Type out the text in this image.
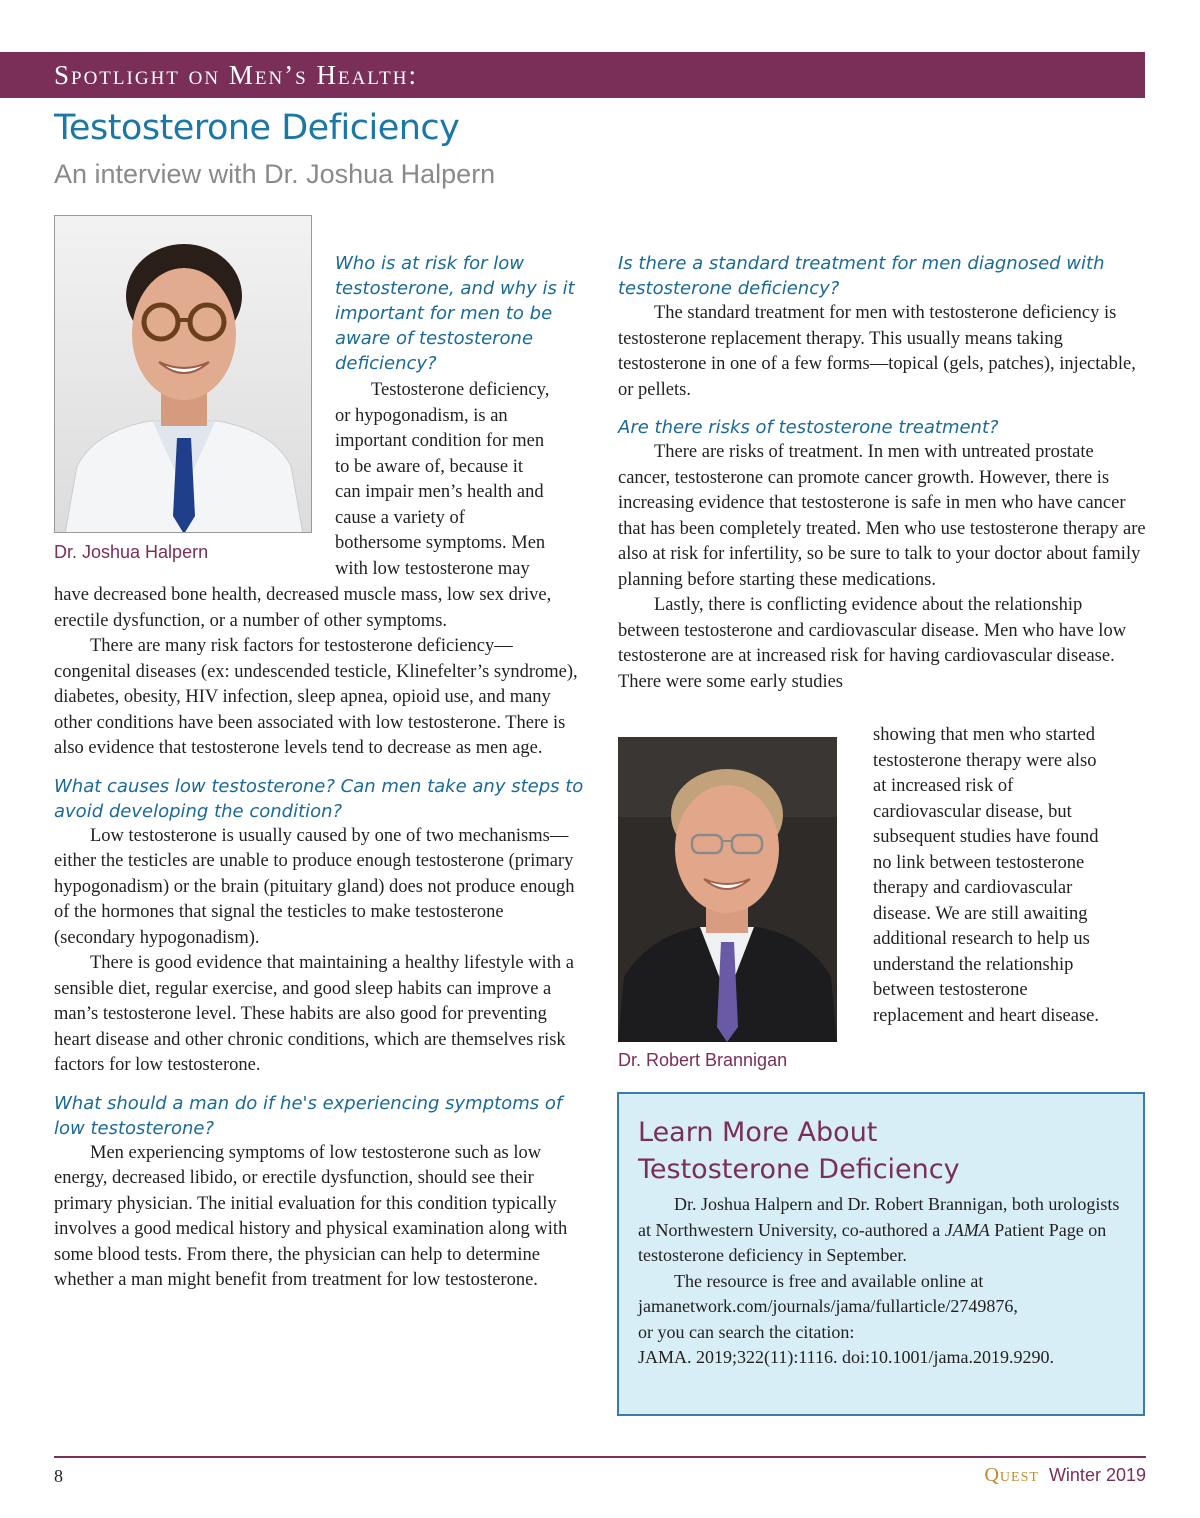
Spotlight on Men’s Health:
Testosterone Deficiency
An interview with Dr. Joshua Halpern
Dr. Joshua Halpern

Who is at risk for low testosterone, and why is it important for men to be aware of testosterone deficiency?

Testosterone deficiency,

or hypogonadism, is an

important condition for men

to be aware of, because it

can impair men’s health and

cause a variety of

bothersome symptoms. Men

with low testosterone may

have decreased bone health, decreased muscle mass, low sex drive, erectile dysfunction, or a number of other symptoms.

There are many risk factors for testosterone deficiency—congenital diseases (ex: undescended testicle, Klinefelter’s syndrome), diabetes, obesity, HIV infection, sleep apnea, opioid use, and many other conditions have been associated with low testosterone. There is also evidence that testosterone levels tend to decrease as men age.

What causes low testosterone? Can men take any steps to avoid developing the condition?

Low testosterone is usually caused by one of two mechanisms—either the testicles are unable to produce enough testosterone (primary hypogonadism) or the brain (pituitary gland) does not produce enough of the hormones that signal the testicles to make testosterone (secondary hypogonadism).

There is good evidence that maintaining a healthy lifestyle with a sensible diet, regular exercise, and good sleep habits can improve a man’s testosterone level. These habits are also good for preventing heart disease and other chronic conditions, which are themselves risk factors for low testosterone.

What should a man do if he's experiencing symptoms of low testosterone?

Men experiencing symptoms of low testosterone such as low energy, decreased libido, or erectile dysfunction, should see their primary physician. The initial evaluation for this condition typically involves a good medical history and physical examination along with some blood tests. From there, the physician can help to determine whether a man might benefit from treatment for low testosterone.

Is there a standard treatment for men diagnosed with testosterone deficiency?

The standard treatment for men with testosterone deficiency is testosterone replacement therapy. This usually means taking testosterone in one of a few forms—topical (gels, patches), injectable, or pellets.

Are there risks of testosterone treatment?

There are risks of treatment. In men with untreated prostate cancer, testosterone can promote cancer growth. However, there is increasing evidence that testosterone is safe in men who have cancer that has been completely treated. Men who use testosterone therapy are also at risk for infertility, so be sure to talk to your doctor about family planning before starting these medications.

Lastly, there is conflicting evidence about the relationship between testosterone and cardiovascular disease. Men who have low testosterone are at increased risk for having cardiovascular disease. There were some early studies

Dr. Robert Brannigan

showing that men who started

testosterone therapy were also

at increased risk of

cardiovascular disease, but

subsequent studies have found

no link between testosterone

therapy and cardiovascular

disease. We are still awaiting

additional research to help us

understand the relationship

between testosterone

replacement and heart disease.

Learn More About
Testosterone Deficiency

Dr. Joshua Halpern and Dr. Robert Brannigan, both urologists at Northwestern University, co-authored a JAMA Patient Page on testosterone deficiency in September.

The resource is free and available online at

jamanetwork.com/journals/jama/fullarticle/2749876,

or you can search the citation:

JAMA. 2019;322(11):1116. doi:10.1001/jama.2019.9290.

8	Quest Winter 2019
